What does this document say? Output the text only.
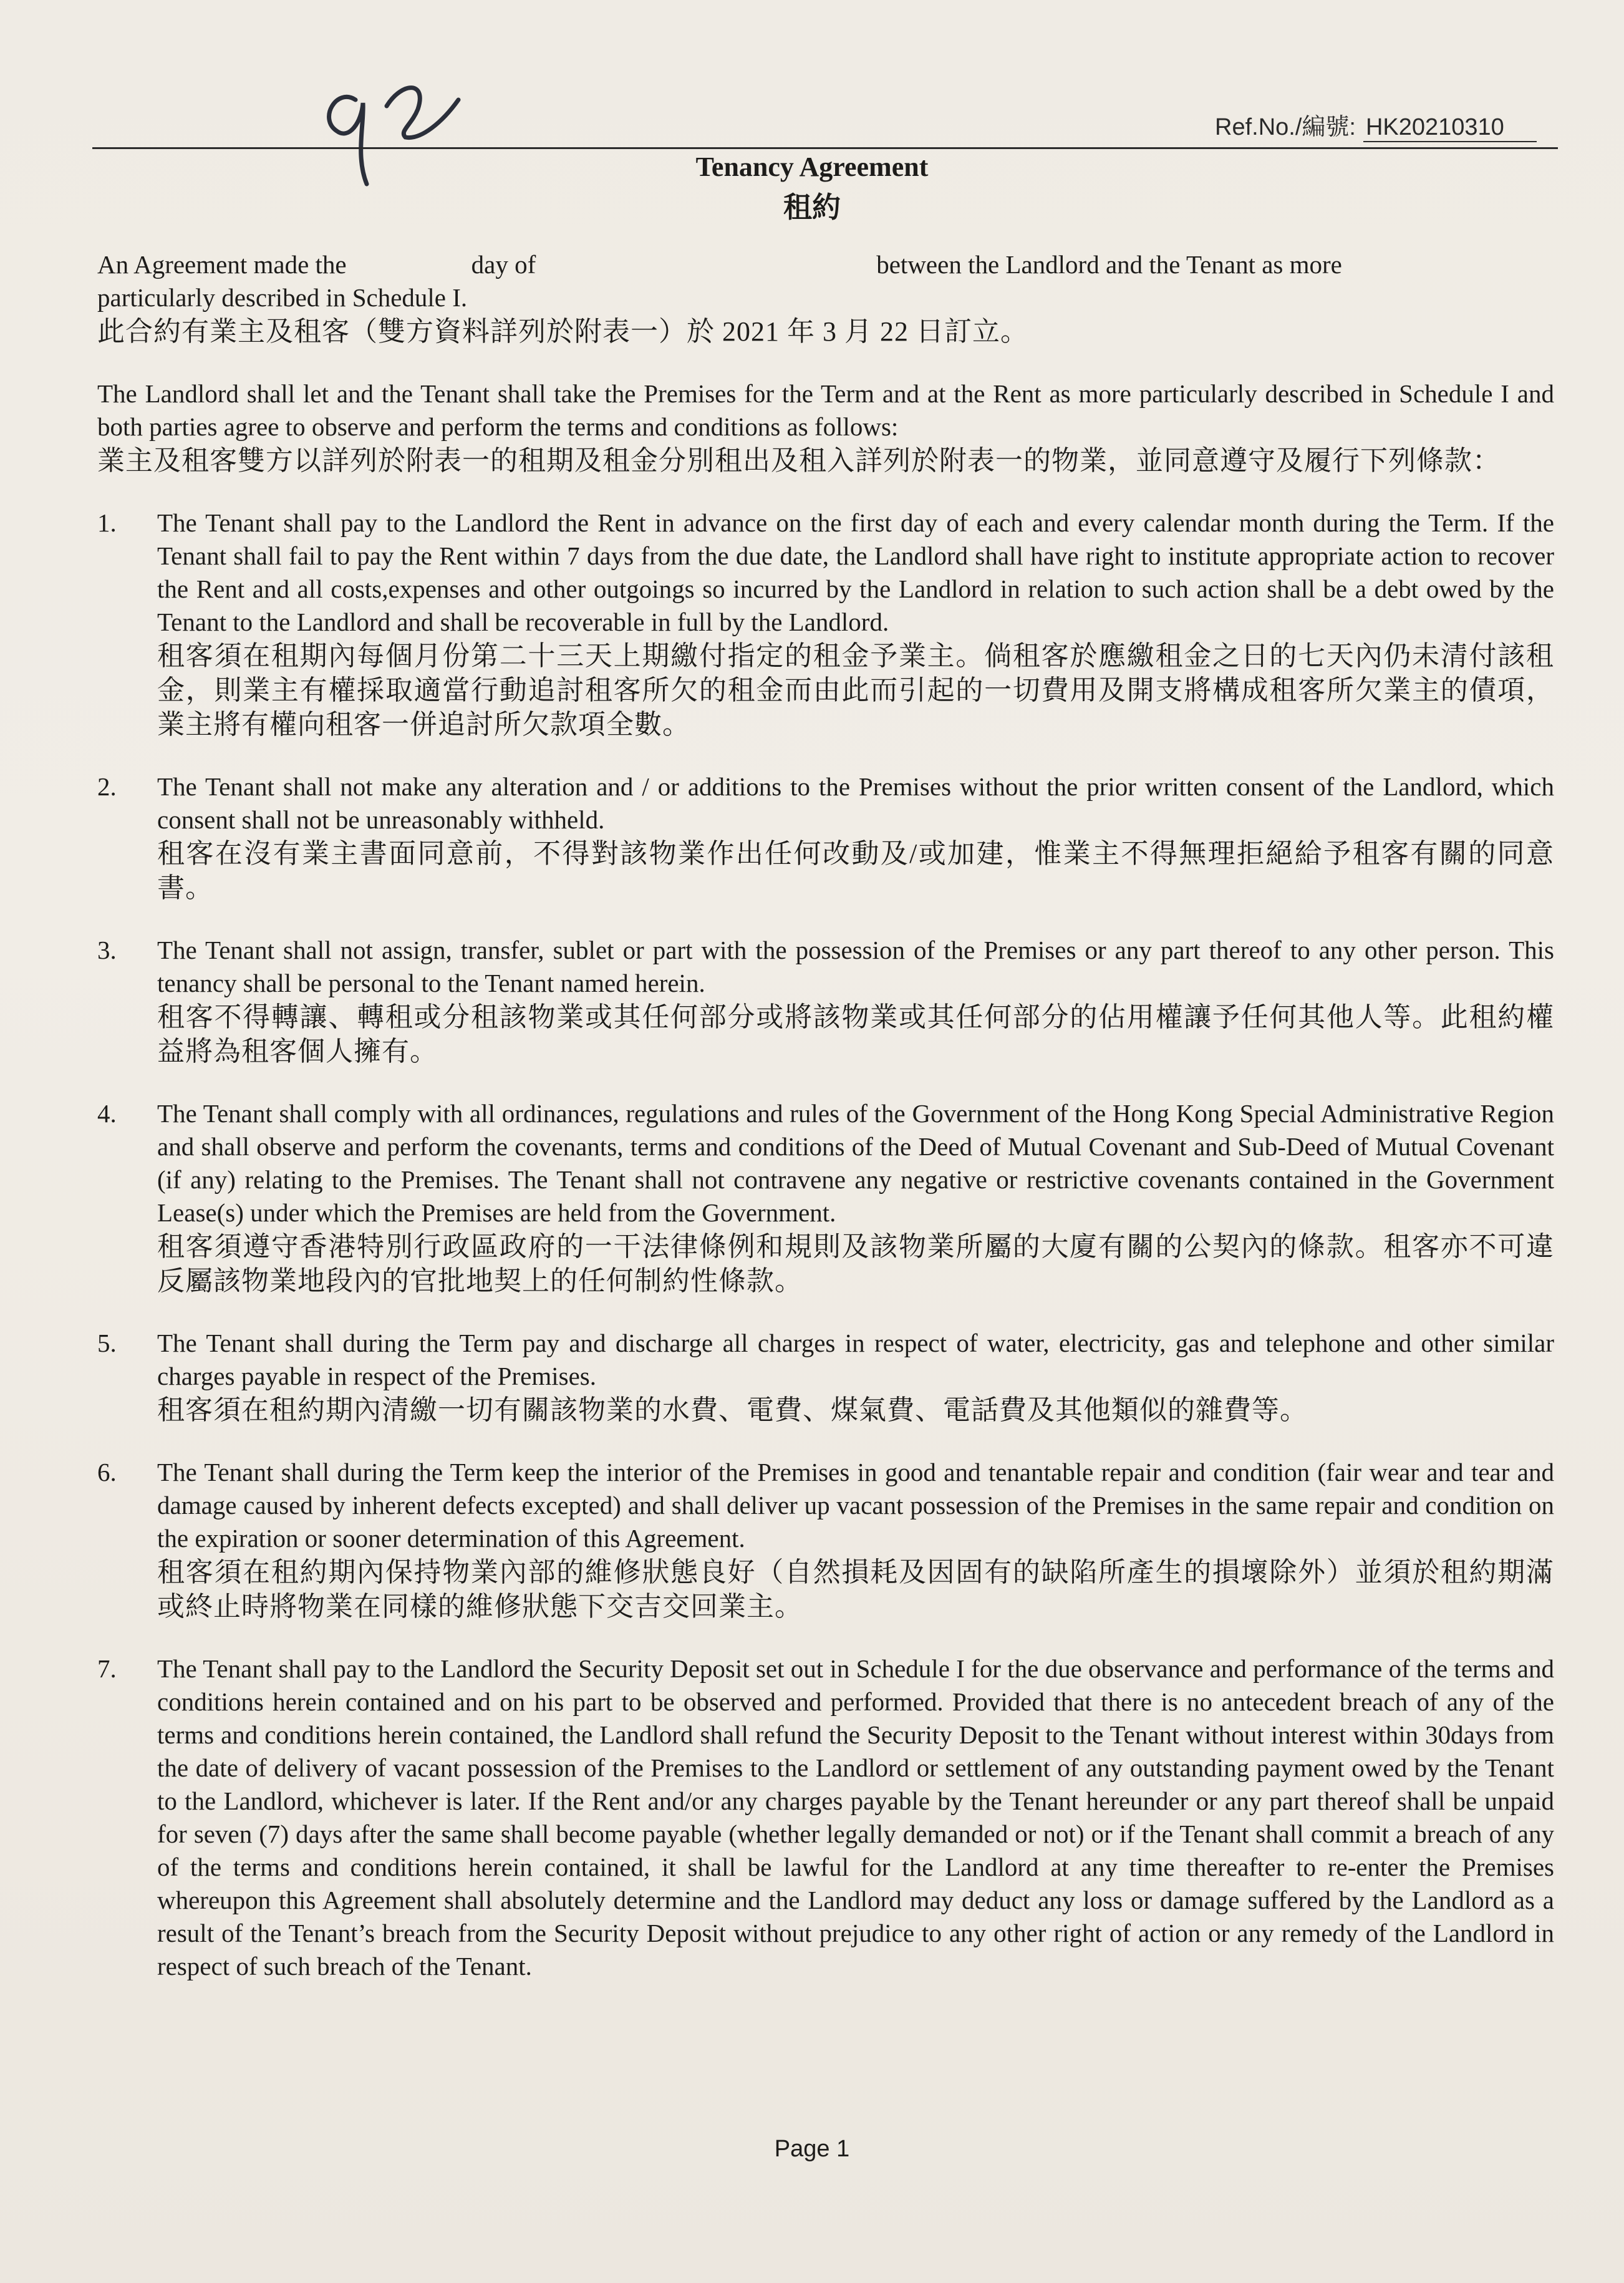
Ref.No./編號: HK20210310
Tenancy Agreement
租約

An Agreement made the	day of	between the Landlord and the Tenant as more

particularly described in Schedule I.

此合約有業主及租客（雙方資料詳列於附表一）於 2021 年 3 月 22 日訂立。

The Landlord shall let and the Tenant shall take the Premises for the Term and at the Rent as more particularly described in Schedule I and both parties agree to observe and perform the terms and conditions as follows:

業主及租客雙方以詳列於附表一的租期及租金分別租出及租入詳列於附表一的物業，並同意遵守及履行下列條款：

1. The Tenant shall pay to the Landlord the Rent in advance on the first day of each and every calendar month during the Term. If the Tenant shall fail to pay the Rent within 7 days from the due date, the Landlord shall have right to institute appropriate action to recover the Rent and all costs,expenses and other outgoings so incurred by the Landlord in relation to such action shall be a debt owed by the Tenant to the Landlord and shall be recoverable in full by the Landlord.

租客須在租期內每個月份第二十三天上期繳付指定的租金予業主。倘租客於應繳租金之日的七天內仍未清付該租金，則業主有權採取適當行動追討租客所欠的租金而由此而引起的一切費用及開支將構成租客所欠業主的債項，業主將有權向租客一併追討所欠款項全數。

2. The Tenant shall not make any alteration and / or additions to the Premises without the prior written consent of the Landlord, which consent shall not be unreasonably withheld.

租客在沒有業主書面同意前，不得對該物業作出任何改動及/或加建，惟業主不得無理拒絕給予租客有關的同意書。

3. The Tenant shall not assign, transfer, sublet or part with the possession of the Premises or any part thereof to any other person. This tenancy shall be personal to the Tenant named herein.

租客不得轉讓、轉租或分租該物業或其任何部分或將該物業或其任何部分的佔用權讓予任何其他人等。此租約權益將為租客個人擁有。

4. The Tenant shall comply with all ordinances, regulations and rules of the Government of the Hong Kong Special Administrative Region and shall observe and perform the covenants, terms and conditions of the Deed of Mutual Covenant and Sub-Deed of Mutual Covenant (if any) relating to the Premises. The Tenant shall not contravene any negative or restrictive covenants contained in the Government Lease(s) under which the Premises are held from the Government.

租客須遵守香港特別行政區政府的一干法律條例和規則及該物業所屬的大廈有關的公契內的條款。租客亦不可違反屬該物業地段內的官批地契上的任何制約性條款。

5. The Tenant shall during the Term pay and discharge all charges in respect of water, electricity, gas and telephone and other similar charges payable in respect of the Premises.

租客須在租約期內清繳一切有關該物業的水費、電費、煤氣費、電話費及其他類似的雜費等。

6. The Tenant shall during the Term keep the interior of the Premises in good and tenantable repair and condition (fair wear and tear and damage caused by inherent defects excepted) and shall deliver up vacant possession of the Premises in the same repair and condition on the expiration or sooner determination of this Agreement.

租客須在租約期內保持物業內部的維修狀態良好（自然損耗及因固有的缺陷所產生的損壞除外）並須於租約期滿或終止時將物業在同樣的維修狀態下交吉交回業主。

7. The Tenant shall pay to the Landlord the Security Deposit set out in Schedule I for the due observance and performance of the terms and conditions herein contained and on his part to be observed and performed. Provided that there is no antecedent breach of any of the terms and conditions herein contained, the Landlord shall refund the Security Deposit to the Tenant without interest within 30days from the date of delivery of vacant possession of the Premises to the Landlord or settlement of any outstanding payment owed by the Tenant to the Landlord, whichever is later. If the Rent and/or any charges payable by the Tenant hereunder or any part thereof shall be unpaid for seven (7) days after the same shall become payable (whether legally demanded or not) or if the Tenant shall commit a breach of any of the terms and conditions herein contained, it shall be lawful for the Landlord at any time thereafter to re-enter the Premises whereupon this Agreement shall absolutely determine and the Landlord may deduct any loss or damage suffered by the Landlord as a result of the Tenant’s breach from the Security Deposit without prejudice to any other right of action or any remedy of the Landlord in respect of such breach of the Tenant.

Page 1
